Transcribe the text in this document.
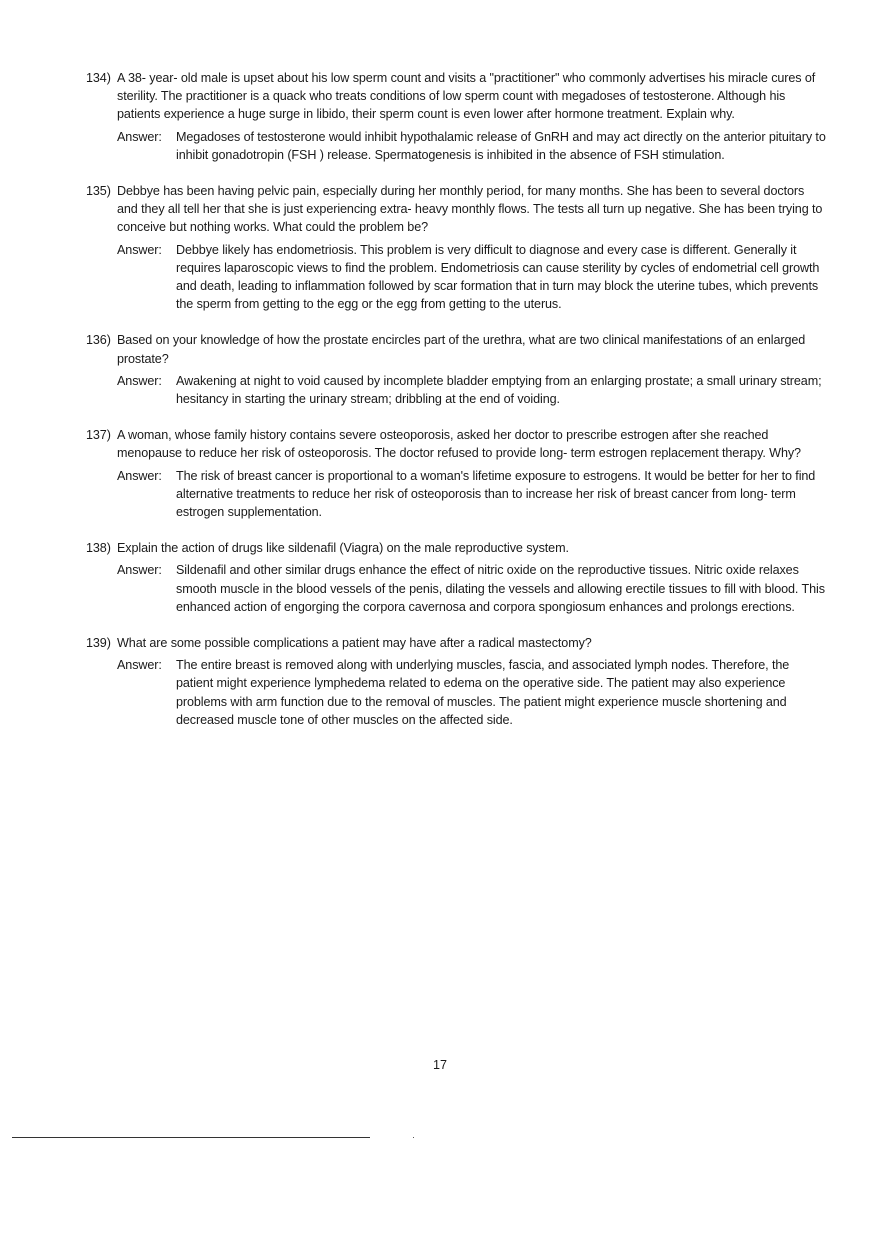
134) A 38- year- old male is upset about his low sperm count and visits a "practitioner" who commonly advertises his miracle cures of sterility. The practitioner is a quack who treats conditions of low sperm count with megadoses of testosterone. Although his patients experience a huge surge in libido, their sperm count is even lower after hormone treatment. Explain why.
Answer:	Megadoses of testosterone would inhibit hypothalamic release of GnRH and may act directly on the anterior pituitary to inhibit gonadotropin (FSH ) release. Spermatogenesis is inhibited in the absence of FSH stimulation.
135) Debbye has been having pelvic pain, especially during her monthly period, for many months. She has been to several doctors and they all tell her that she is just experiencing extra- heavy monthly flows. The tests all turn up negative. She has been trying to conceive but nothing works. What could the problem be?
Answer:	Debbye likely has endometriosis. This problem is very difficult to diagnose and every case is different. Generally it requires laparoscopic views to find the problem. Endometriosis can cause sterility by cycles of endometrial cell growth and death, leading to inflammation followed by scar formation that in turn may block the uterine tubes, which prevents the sperm from getting to the egg or the egg from getting to the uterus.
136) Based on your knowledge of how the prostate encircles part of the urethra, what are two clinical manifestations of an enlarged prostate?
Answer:	Awakening at night to void caused by incomplete bladder emptying from an enlarging prostate; a small urinary stream; hesitancy in starting the urinary stream; dribbling at the end of voiding.
137) A woman, whose family history contains severe osteoporosis, asked her doctor to prescribe estrogen after she reached menopause to reduce her risk of osteoporosis. The doctor refused to provide long- term estrogen replacement therapy. Why?
Answer:	The risk of breast cancer is proportional to a woman's lifetime exposure to estrogens. It would be better for her to find alternative treatments to reduce her risk of osteoporosis than to increase her risk of breast cancer from long- term estrogen supplementation.
138) Explain the action of drugs like sildenafil (Viagra) on the male reproductive system.
Answer:	Sildenafil and other similar drugs enhance the effect of nitric oxide on the reproductive tissues. Nitric oxide relaxes smooth muscle in the blood vessels of the penis, dilating the vessels and allowing erectile tissues to fill with blood. This enhanced action of engorging the corpora cavernosa and corpora spongiosum enhances and prolongs erections.
139) What are some possible complications a patient may have after a radical mastectomy?
Answer:	The entire breast is removed along with underlying muscles, fascia, and associated lymph nodes. Therefore, the patient might experience lymphedema related to edema on the operative side. The patient may also experience problems with arm function due to the removal of muscles. The patient might experience muscle shortening and decreased muscle tone of other muscles on the affected side.
17
